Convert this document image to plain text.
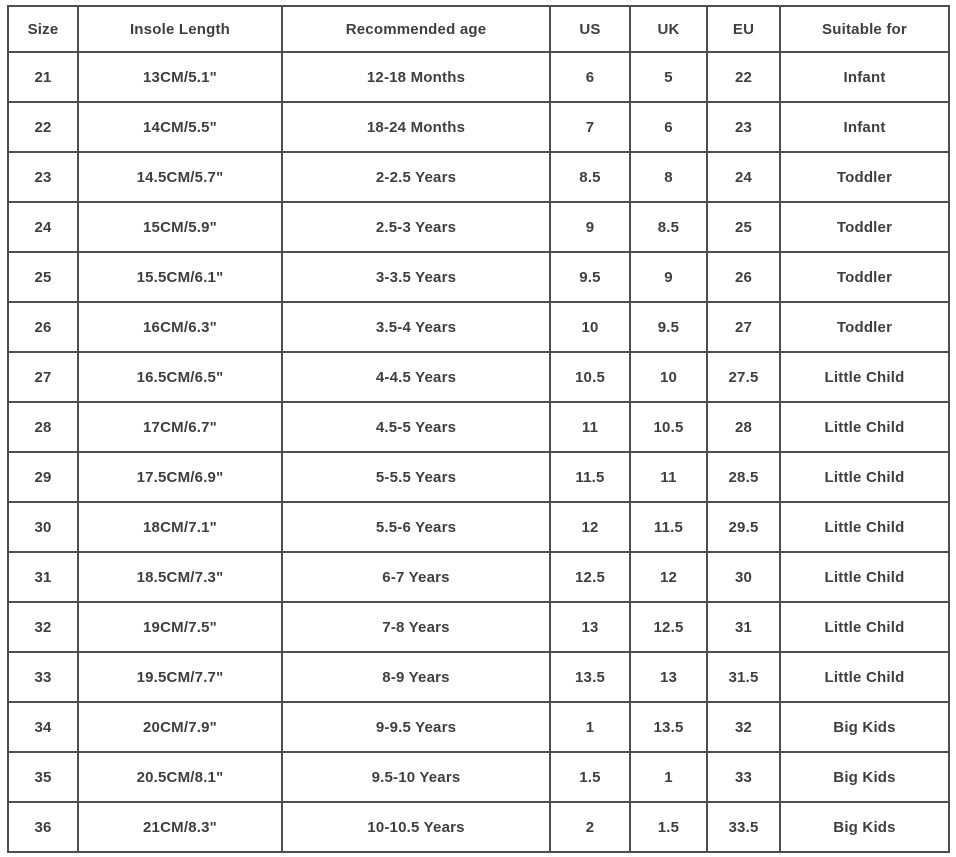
Size	Insole Length	Recommended age	US	UK	EU	Suitable for
21	13CM/5.1"	12-18 Months	6	5	22	Infant
22	14CM/5.5"	18-24 Months	7	6	23	Infant
23	14.5CM/5.7"	2-2.5 Years	8.5	8	24	Toddler
24	15CM/5.9"	2.5-3 Years	9	8.5	25	Toddler
25	15.5CM/6.1"	3-3.5 Years	9.5	9	26	Toddler
26	16CM/6.3"	3.5-4 Years	10	9.5	27	Toddler
27	16.5CM/6.5"	4-4.5 Years	10.5	10	27.5	Little Child
28	17CM/6.7"	4.5-5 Years	11	10.5	28	Little Child
29	17.5CM/6.9"	5-5.5 Years	11.5	11	28.5	Little Child
30	18CM/7.1"	5.5-6 Years	12	11.5	29.5	Little Child
31	18.5CM/7.3"	6-7 Years	12.5	12	30	Little Child
32	19CM/7.5"	7-8 Years	13	12.5	31	Little Child
33	19.5CM/7.7"	8-9 Years	13.5	13	31.5	Little Child
34	20CM/7.9"	9-9.5 Years	1	13.5	32	Big Kids
35	20.5CM/8.1"	9.5-10 Years	1.5	1	33	Big Kids
36	21CM/8.3"	10-10.5 Years	2	1.5	33.5	Big Kids
